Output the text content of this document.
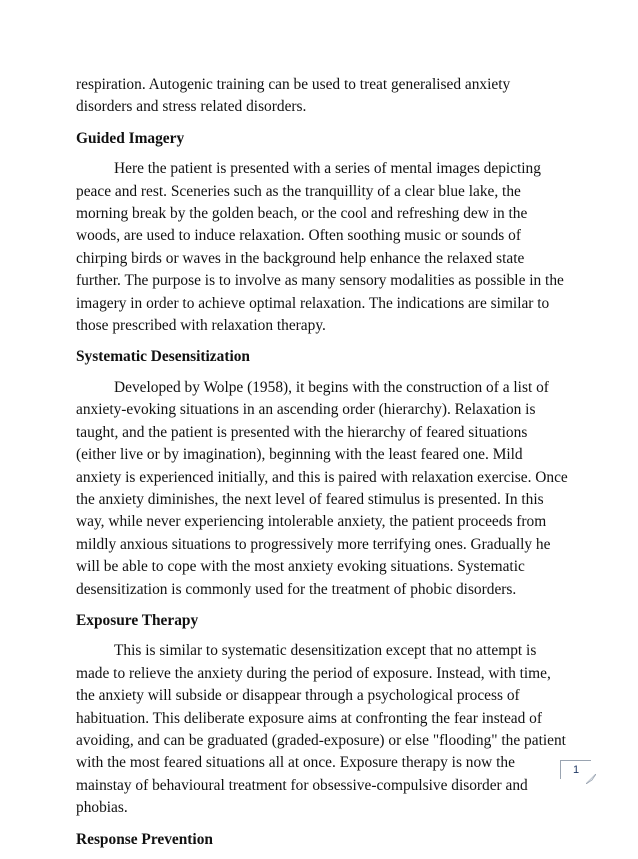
respiration. Autogenic training can be used to treat generalised anxiety disorders and stress related disorders.

Guided Imagery

Here the patient is presented with a series of mental images depicting peace and rest. Sceneries such as the tranquillity of a clear blue lake, the morning break by the golden beach, or the cool and refreshing dew in the woods, are used to induce relaxation. Often soothing music or sounds of chirping birds or waves in the background help enhance the relaxed state further. The purpose is to involve as many sensory modalities as possible in the imagery in order to achieve optimal relaxation. The indications are similar to those prescribed with relaxation therapy.

Systematic Desensitization

Developed by Wolpe (1958), it begins with the construction of a list of anxiety-evoking situations in an ascending order (hierarchy). Relaxation is taught, and the patient is presented with the hierarchy of feared situations (either live or by imagination), beginning with the least feared one. Mild anxiety is experienced initially, and this is paired with relaxation exercise. Once the anxiety diminishes, the next level of feared stimulus is presented. In this way, while never experiencing intolerable anxiety, the patient proceeds from mildly anxious situations to progressively more terrifying ones. Gradually he will be able to cope with the most anxiety evoking situations. Systematic desensitization is commonly used for the treatment of phobic disorders.

Exposure Therapy

This is similar to systematic desensitization except that no attempt is made to relieve the anxiety during the period of exposure. Instead, with time, the anxiety will subside or disappear through a psychological process of habituation. This deliberate exposure aims at confronting the fear instead of avoiding, and can be graduated (graded-exposure) or else "flooding" the patient with the most feared situations all at once. Exposure therapy is now the mainstay of behavioural treatment for obsessive-compulsive disorder and phobias.

Response Prevention
1
